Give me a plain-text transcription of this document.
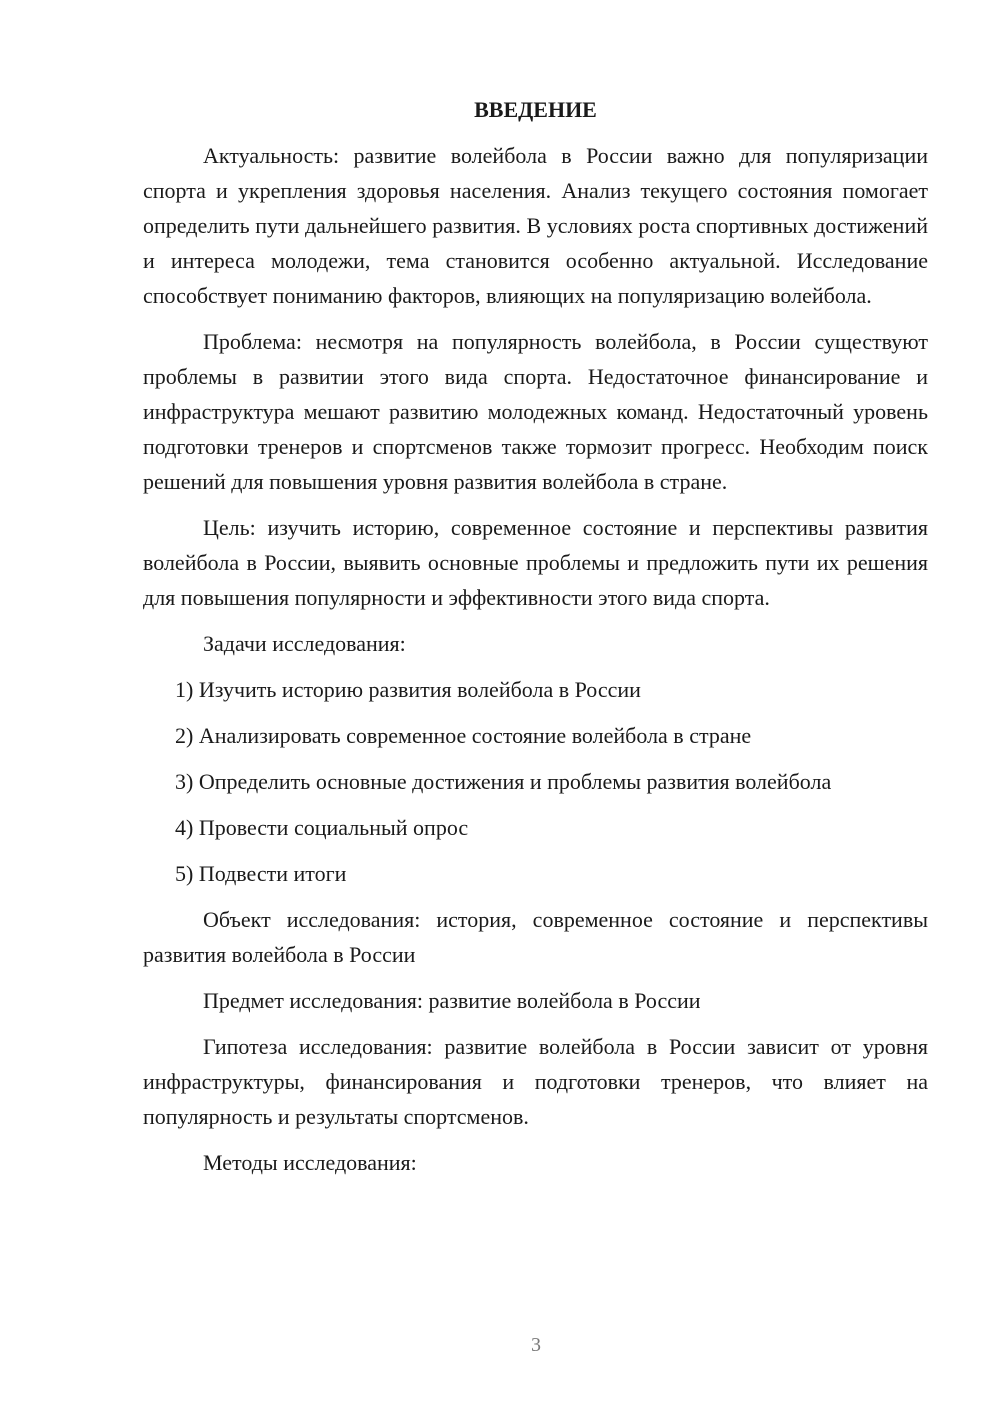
ВВЕДЕНИЕ

Актуальность: развитие волейбола в России важно для популяризации спорта и укрепления здоровья населения. Анализ текущего состояния помогает определить пути дальнейшего развития. В условиях роста спортивных достижений и интереса молодежи, тема становится особенно актуальной. Исследование способствует пониманию факторов, влияющих на популяризацию волейбола.

Проблема: несмотря на популярность волейбола, в России существуют проблемы в развитии этого вида спорта. Недостаточное финансирование и инфраструктура мешают развитию молодежных команд. Недостаточный уровень подготовки тренеров и спортсменов также тормозит прогресс. Необходим поиск решений для повышения уровня развития волейбола в стране.

Цель: изучить историю, современное состояние и перспективы развития волейбола в России, выявить основные проблемы и предложить пути их решения для повышения популярности и эффективности этого вида спорта.

Задачи исследования:

1) Изучить историю развития волейбола в России
2) Анализировать современное состояние волейбола в стране
3) Определить основные достижения и проблемы развития волейбола
4) Провести социальный опрос
5) Подвести итоги

Объект исследования: история, современное состояние и перспективы развития волейбола в России

Предмет исследования: развитие волейбола в России

Гипотеза исследования: развитие волейбола в России зависит от уровня инфраструктуры, финансирования и подготовки тренеров, что влияет на популярность и результаты спортсменов.

Методы исследования:

3
